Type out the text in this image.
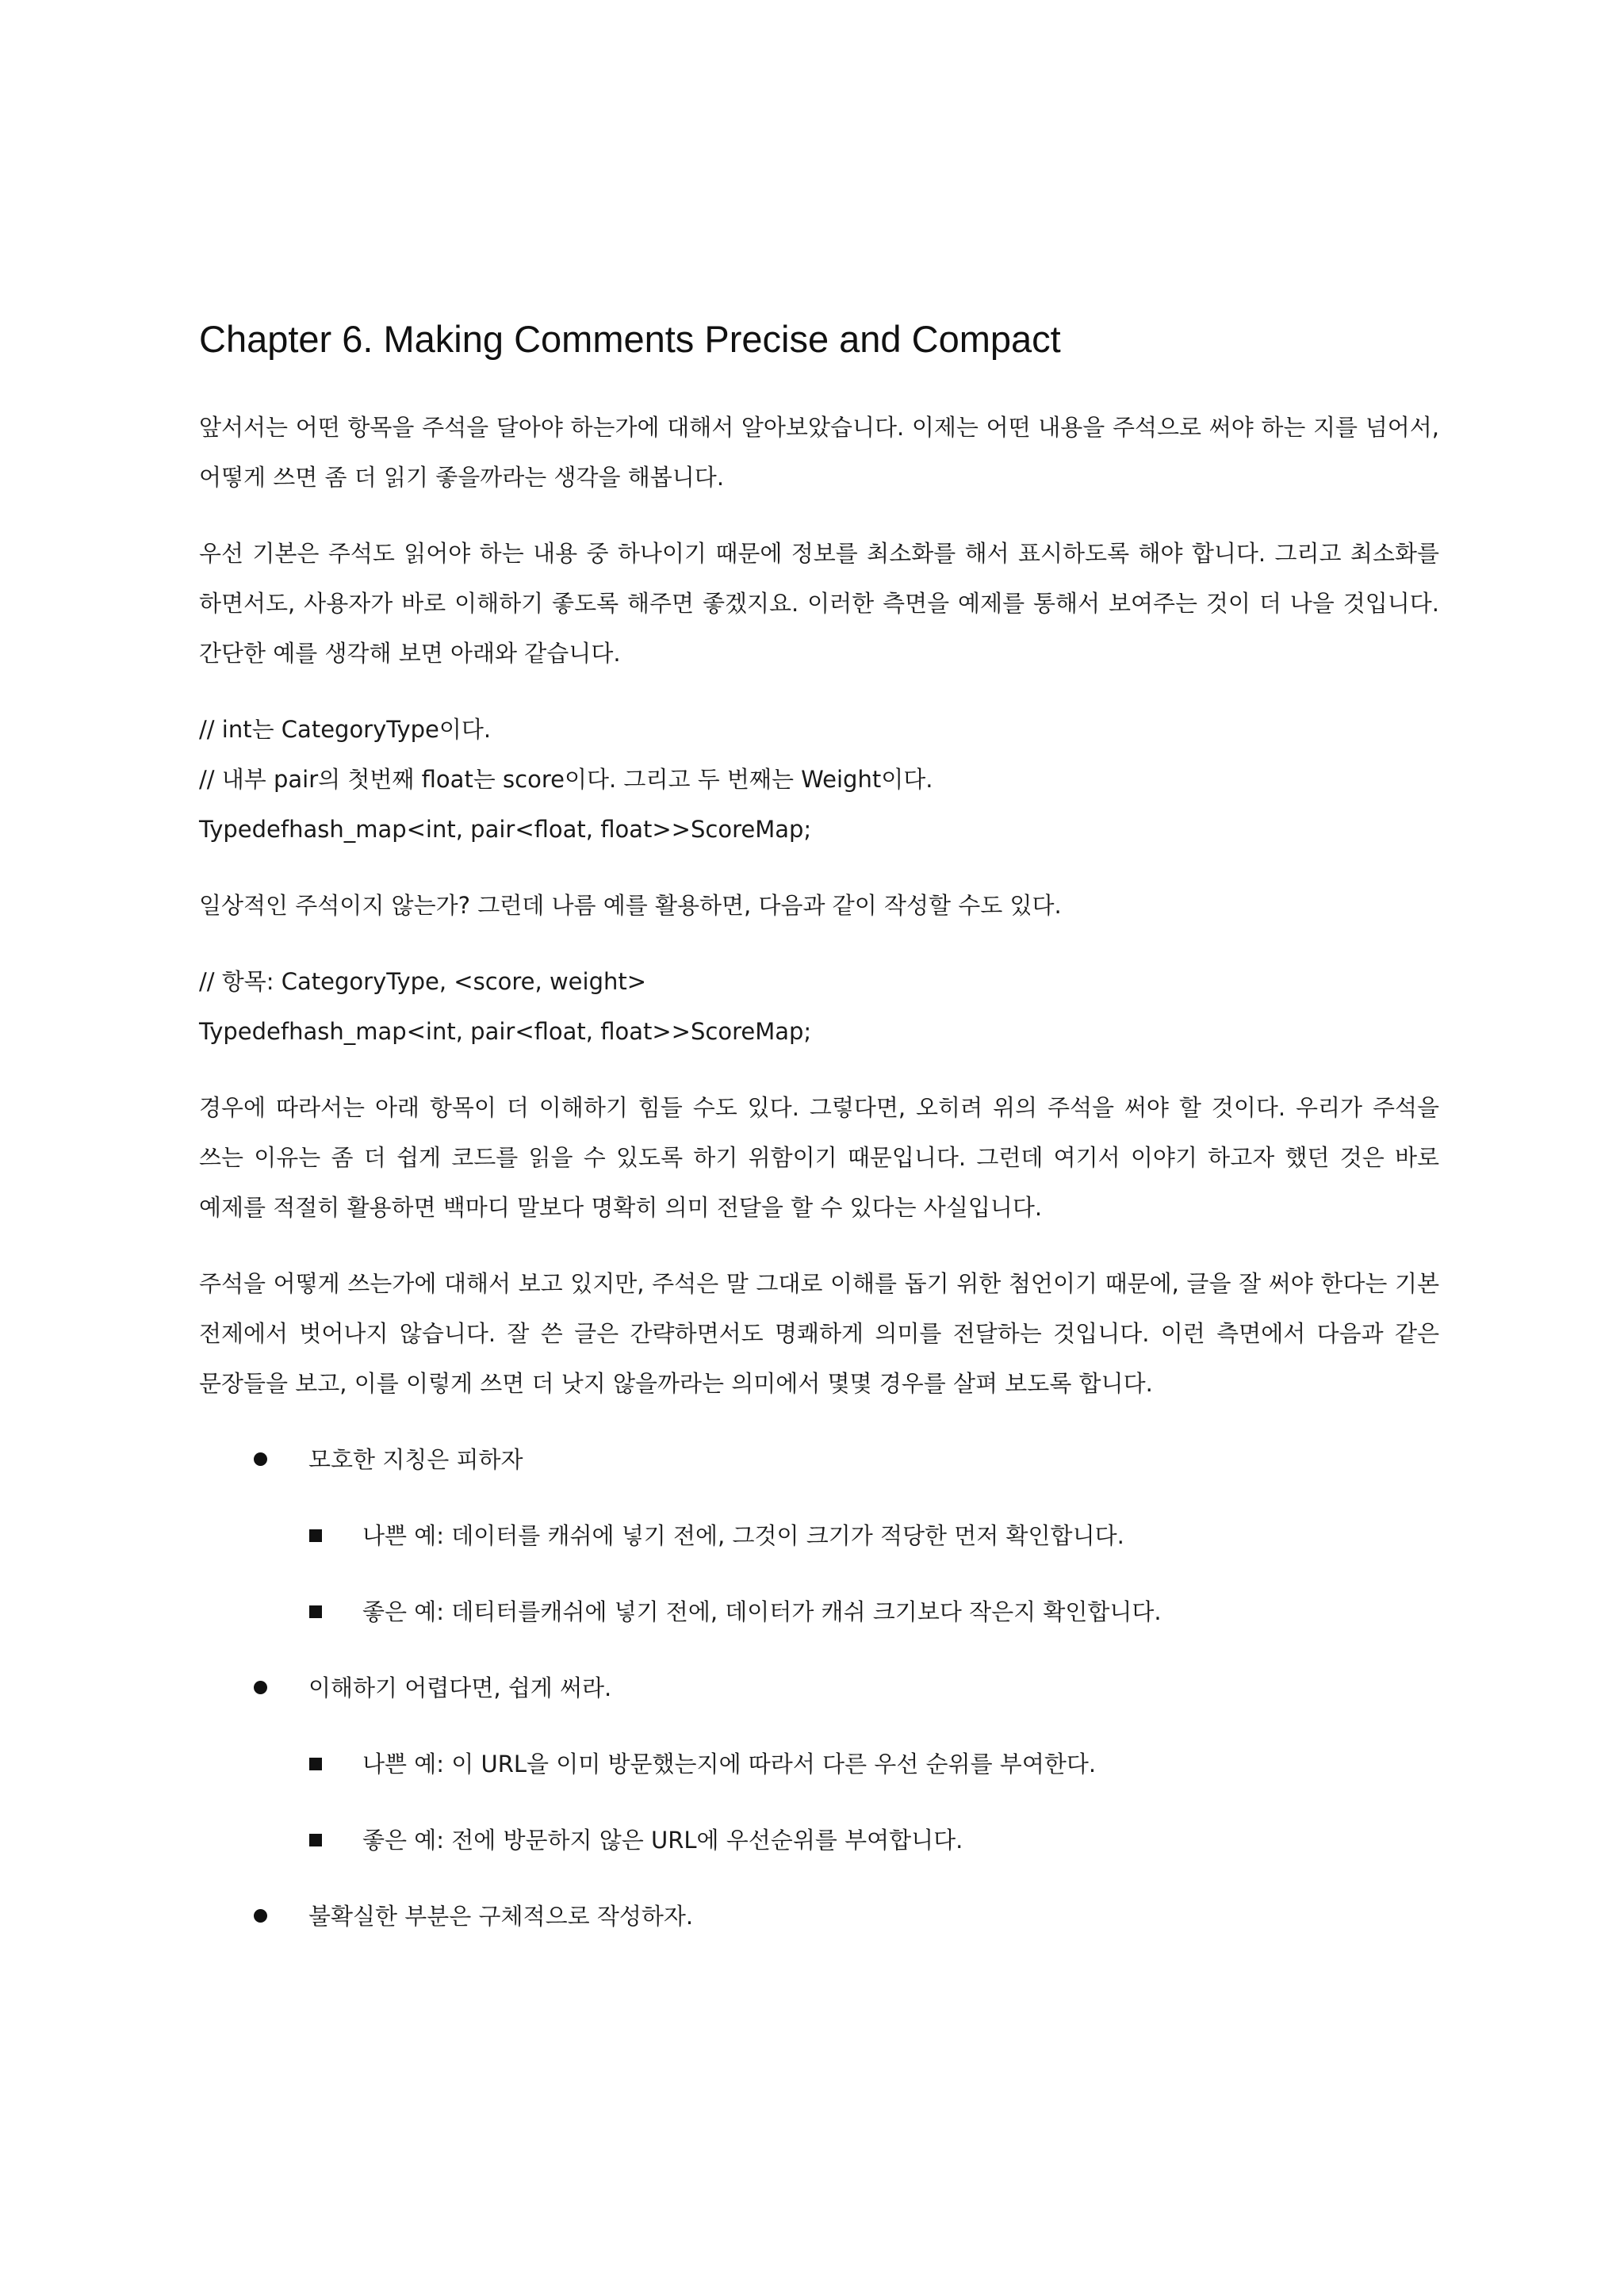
Chapter 6. Making Comments Precise and Compact

앞서서는 어떤 항목을 주석을 달아야 하는가에 대해서 알아보았습니다. 이제는 어떤 내용을 주석으로 써야 하는 지를 넘어서, 어떻게 쓰면 좀 더 읽기 좋을까라는 생각을 해봅니다.

우선 기본은 주석도 읽어야 하는 내용 중 하나이기 때문에 정보를 최소화를 해서 표시하도록 해야 합니다. 그리고 최소화를 하면서도, 사용자가 바로 이해하기 좋도록 해주면 좋겠지요. 이러한 측면을 예제를 통해서 보여주는 것이 더 나을 것입니다. 간단한 예를 생각해 보면 아래와 같습니다.

// int는 CategoryType이다.
// 내부 pair의 첫번째 float는 score이다. 그리고 두 번째는 Weight이다.
Typedefhash_map<int, pair<float, float>>ScoreMap;

일상적인 주석이지 않는가? 그런데 나름 예를 활용하면, 다음과 같이 작성할 수도 있다.

// 항목: CategoryType, <score, weight>
Typedefhash_map<int, pair<float, float>>ScoreMap;

경우에 따라서는 아래 항목이 더 이해하기 힘들 수도 있다. 그렇다면, 오히려 위의 주석을 써야 할 것이다. 우리가 주석을 쓰는 이유는 좀 더 쉽게 코드를 읽을 수 있도록 하기 위함이기 때문입니다. 그런데 여기서 이야기 하고자 했던 것은 바로 예제를 적절히 활용하면 백마디 말보다 명확히 의미 전달을 할 수 있다는 사실입니다.

주석을 어떻게 쓰는가에 대해서 보고 있지만, 주석은 말 그대로 이해를 돕기 위한 첨언이기 때문에, 글을 잘 써야 한다는 기본 전제에서 벗어나지 않습니다. 잘 쓴 글은 간략하면서도 명쾌하게 의미를 전달하는 것입니다. 이런 측면에서 다음과 같은 문장들을 보고, 이를 이렇게 쓰면 더 낫지 않을까라는 의미에서 몇몇 경우를 살펴 보도록 합니다.

모호한 지칭은 피하자
나쁜 예: 데이터를 캐쉬에 넣기 전에, 그것이 크기가 적당한 먼저 확인합니다.
좋은 예: 데티터를캐쉬에 넣기 전에, 데이터가 캐쉬 크기보다 작은지 확인합니다.
이해하기 어렵다면, 쉽게 써라.
나쁜 예: 이 URL을 이미 방문했는지에 따라서 다른 우선 순위를 부여한다.
좋은 예: 전에 방문하지 않은 URL에 우선순위를 부여합니다.
불확실한 부분은 구체적으로 작성하자.
